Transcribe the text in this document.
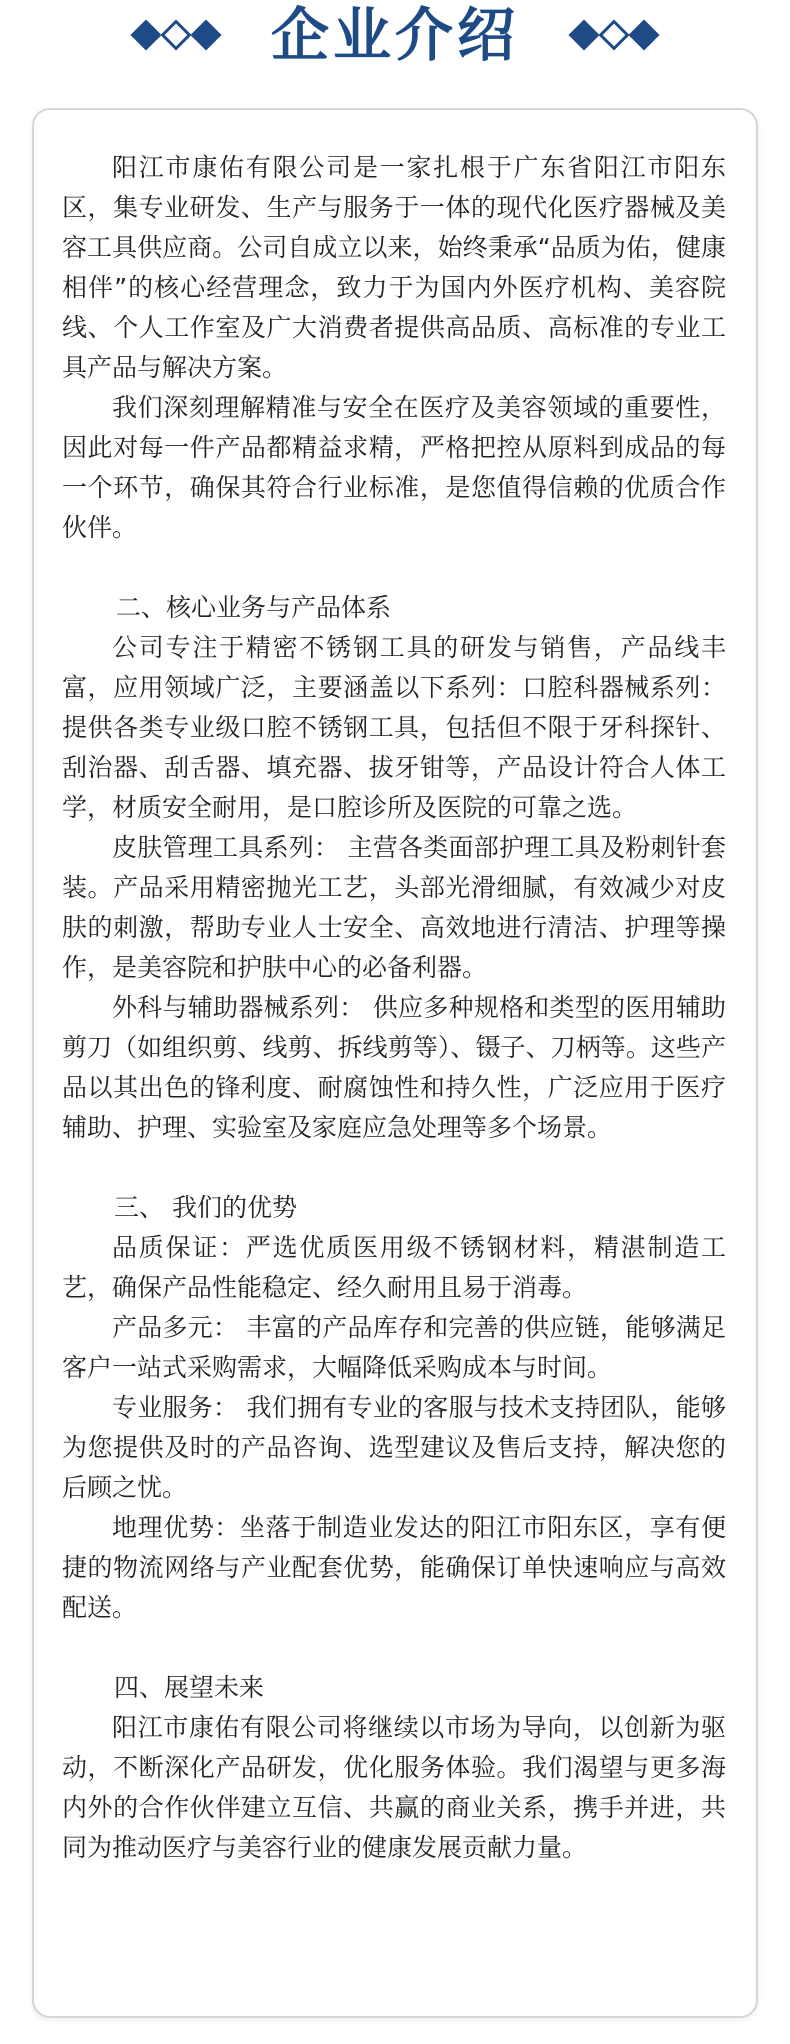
企业介绍

阳江市康佑有限公司是一家扎根于广东省阳江市阳东区，集专业研发、生产与服务于一体的现代化医疗器械及美容工具供应商。公司自成立以来，始终秉承“品质为佑，健康相伴”的核心经营理念，致力于为国内外医疗机构、美容院线、个人工作室及广大消费者提供高品质、高标准的专业工具产品与解决方案。

我们深刻理解精准与安全在医疗及美容领域的重要性，因此对每一件产品都精益求精，严格把控从原料到成品的每一个环节，确保其符合行业标准，是您值得信赖的优质合作伙伴。

二、核心业务与产品体系

公司专注于精密不锈钢工具的研发与销售，产品线丰富，应用领域广泛，主要涵盖以下系列：口腔科器械系列：提供各类专业级口腔不锈钢工具，包括但不限于牙科探针、刮治器、刮舌器、填充器、拔牙钳等，产品设计符合人体工学，材质安全耐用，是口腔诊所及医院的可靠之选。

皮肤管理工具系列： 主营各类面部护理工具及粉刺针套装。产品采用精密抛光工艺，头部光滑细腻，有效减少对皮肤的刺激，帮助专业人士安全、高效地进行清洁、护理等操作，是美容院和护肤中心的必备利器。

外科与辅助器械系列： 供应多种规格和类型的医用辅助剪刀（如组织剪、线剪、拆线剪等）、镊子、刀柄等。这些产品以其出色的锋利度、耐腐蚀性和持久性，广泛应用于医疗辅助、护理、实验室及家庭应急处理等多个场景。

三、 我们的优势

品质保证：严选优质医用级不锈钢材料，精湛制造工艺，确保产品性能稳定、经久耐用且易于消毒。

产品多元： 丰富的产品库存和完善的供应链，能够满足客户一站式采购需求，大幅降低采购成本与时间。

专业服务： 我们拥有专业的客服与技术支持团队，能够为您提供及时的产品咨询、选型建议及售后支持，解决您的后顾之忧。

地理优势：坐落于制造业发达的阳江市阳东区，享有便捷的物流网络与产业配套优势，能确保订单快速响应与高效配送。

四、展望未来

阳江市康佑有限公司将继续以市场为导向，以创新为驱动，不断深化产品研发，优化服务体验。我们渴望与更多海内外的合作伙伴建立互信、共赢的商业关系，携手并进，共同为推动医疗与美容行业的健康发展贡献力量。
